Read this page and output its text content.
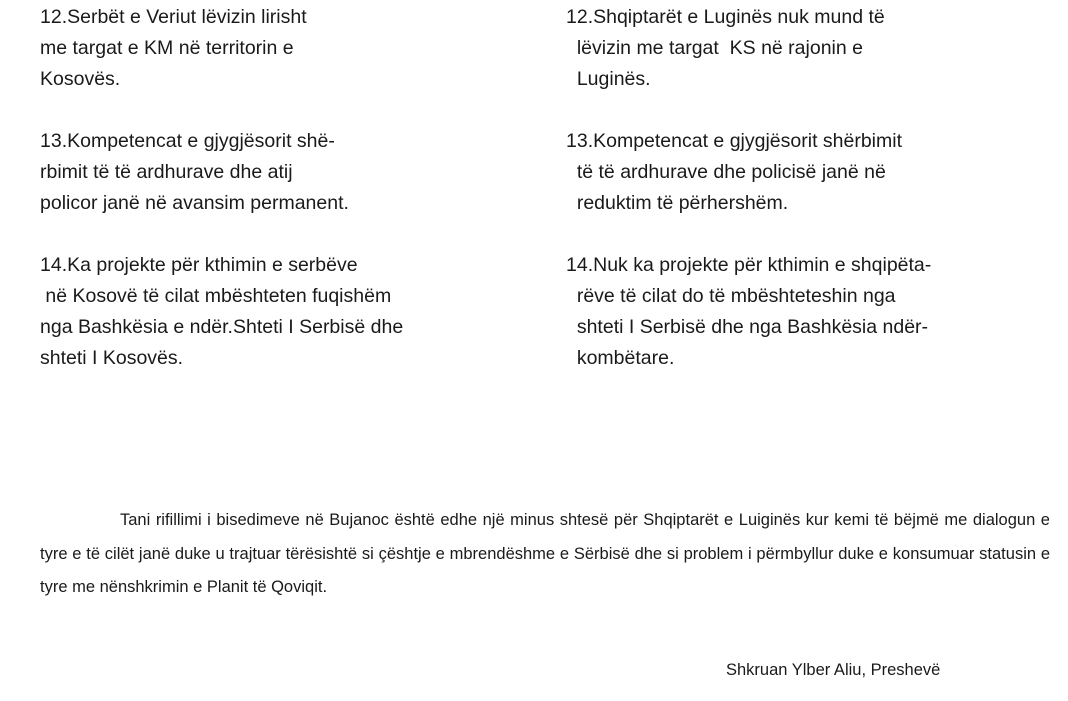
12.Serbët e Veriut lëvizin lirisht
me targat e KM në territorin e
Kosovës.
13.Kompetencat e gjygjësorit shë-
rbimit të të ardhurave dhe atij
policor janë në avansim permanent.
14.Ka projekte për kthimin e serbëve
në Kosovë të cilat mbështeten fuqishëm
nga Bashkësia e ndër.Shteti I Serbisë dhe
shteti I Kosovës.
12.Shqiptarët e Luginës nuk mund të
lëvizin me targat  KS në rajonin e
Luginës.
13.Kompetencat e gjygjësorit shërbimit
të të ardhurave dhe policisë janë në
reduktim të përhershëm.
14.Nuk ka projekte për kthimin e shqipëta-
rëve të cilat do të mbështeteshin nga
shteti I Serbisë dhe nga Bashkësia ndër-
kombëtare.

Tani rifillimi i bisedimeve në Bujanoc është edhe një minus shtesë për Shqiptarët e Luiginës kur kemi të bëjmë me dialogun e tyre e të cilët janë duke u trajtuar tërësishtë si çështje e mbrendëshme e Sërbisë dhe si problem i përmbyllur duke e konsumuar statusin e tyre me nënshkrimin e Planit të Qoviqit.

Shkruan Ylber Aliu, Preshevë
